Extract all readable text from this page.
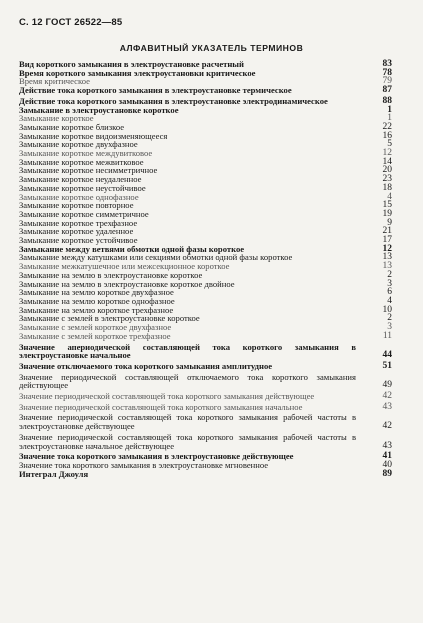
С. 12 ГОСТ 26522—85
АЛФАВИТНЫЙ УКАЗАТЕЛЬ ТЕРМИНОВ
Вид короткого замыкания в электроустановке расчетный	83
Время короткого замыкания электроустановки критическое	78
Время критическое	79
Действие тока короткого замыкания в электроустановке термическое	87
Действие тока короткого замыкания в электроустановке электродинамическое	88
Замыкание в электроустановке короткое	1
Замыкание короткое	1
Замыкание короткое близкое	22
Замыкание короткое видоизменяющееся	16
Замыкание короткое двухфазное	5
Замыкание короткое междувитковое	12
Замыкание короткое межвитковое	14
Замыкание короткое несимметричное	20
Замыкание короткое неудаленное	23
Замыкание короткое неустойчивое	18
Замыкание короткое однофазное	4
Замыкание короткое повторное	15
Замыкание короткое симметричное	19
Замыкание короткое трехфазное	9
Замыкание короткое удаленное	21
Замыкание короткое устойчивое	17
Замыкание между ветвями обмотки одной фазы короткое	12
Замыкание между катушками или секциями обмотки одной фазы короткое	13
Замыкание межкатушечное или межсекционное короткое	13
Замыкание на землю в электроустановке короткое	2
Замыкание на землю в электроустановке короткое двойное	3
Замыкание на землю короткое двухфазное	6
Замыкание на землю короткое однофазное	4
Замыкание на землю короткое трехфазное	10
Замыкание с землей в электроустановке короткое	2
Замыкание с землей короткое двухфазное	3
Замыкание с землей короткое трехфазное	11
Значение апериодической составляющей тока короткого замыкания в электроустановке начальное	44
Значение отключаемого тока короткого замыкания амплитудное	51
Значение периодической составляющей отключаемого тока короткого замыкания действующее	49
Значение периодической составляющей тока короткого замыкания действующее	42
Значение периодической составляющей тока короткого замыкания начальное	43
Значение периодической составляющей тока короткого замыкания рабочей частоты в электроустановке действующее	42
Значение периодической составляющей тока короткого замыкания рабочей частоты в электроустановке начальное действующее	43
Значение тока короткого замыкания в электроустановке действующее	41
Значение тока короткого замыкания в электроустановке мгновенное	40
Интеграл Джоуля	89
